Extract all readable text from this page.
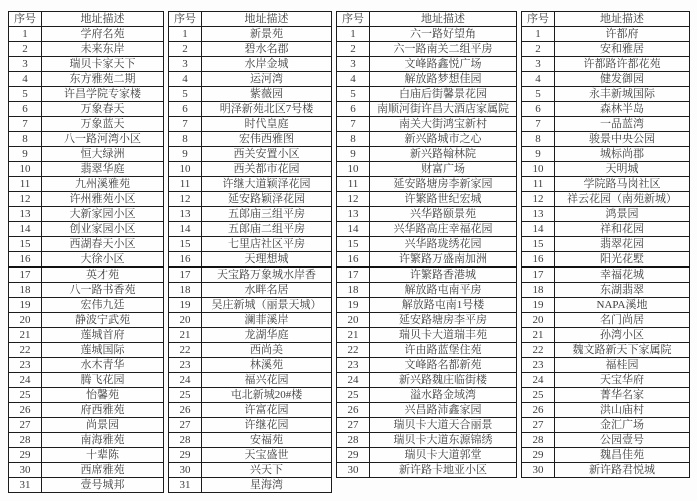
序号	地址描述
1	学府名苑
2	未来东岸
3	瑞贝卡家天下
4	东方雅苑二期
5	许昌学院专家楼
6	万象春天
7	万象蓝天
8	八一路河湾小区
9	恒大绿洲
10	翡翠华庭
11	九州溪雅苑
12	许州雅苑小区
13	大新家园小区
14	创业家园小区
15	西湖春天小区
16	大徐小区
17	英才苑
18	八一路书香苑
19	宏伟九廷
20	静波宁武苑
21	莲城首府
22	莲城国际
23	水木青华
24	腾飞花园
25	怡馨苑
26	府西雅苑
27	尚景园
28	南海雅苑
29	十辈陈
30	西席雅苑
31	壹号城邦
序号	地址描述
1	新景苑
2	碧水名郡
3	水岸金城
4	运河湾
5	紫薇园
6	明泽新苑北区7号楼
7	时代皇庭
8	宏伟西雅图
9	西关安置小区
10	西关都市花园
11	许继大道颖泽花园
12	延安路颖泽花园
13	五郎庙三组平房
14	五郎庙二组平房
15	七里店社区平房
16	天理想城
17	天宝路万象城水岸香
18	水畔名居
19	吴庄新城（丽景天城）
20	澜菲溪岸
21	龙湖华庭
22	西尚美
23	林溪苑
24	福兴花园
25	屯北新城20#楼
26	许富花园
27	许继花园
28	安福苑
29	天宝盛世
30	兴天下
31	星海湾
序号	地址描述
1	六一路好望角
2	六一路南关二组平房
3	文峰路鑫悦广场
4	解放路梦想佳园
5	白庙后街馨景花园
6	南顺河街许昌大酒店家属院
7	南关大街鸿宝新村
8	新兴路城市之心
9	新兴路翰林院
10	财富广场
11	延安路塘房李新家园
12	许繁路世纪宏城
13	兴华路颐景苑
14	兴华路高庄幸福花园
15	兴华路珑绣花园
16	许繁路万盛南加洲
17	许繁路香港城
18	解放路屯南平房
19	解放路屯南1号楼
20	延安路塘房李平房
21	瑞贝卡大道瑞丰苑
22	许由路蓝堡住苑
23	文峰路名都新苑
24	新兴路魏庄临街楼
25	溢水路金域湾
26	兴昌路沛鑫家园
27	瑞贝卡大道天合丽景
28	瑞贝卡大道东源锦绣
29	瑞贝卡大道郭堂
30	新许路卡地亚小区
序号	地址描述
1	许都府
2	安和雅居
3	许都路许都花苑
4	健发御园
5	永丰新城国际
6	森林半岛
7	一品蓝湾
8	骏景中央公园
9	城标尚郡
10	天明城
11	学院路马岗社区
12	祥云花园（南苑新城）
13	鸿景园
14	祥和花园
15	翡翠花园
16	阳光花墅
17	幸福花城
18	东湖翡翠
19	NAPA溪地
20	名门尚居
21	孙湾小区
22	魏文路新天下家属院
23	福桂园
24	天宝华府
25	菁华名家
26	洪山庙村
27	金汇广场
28	公园壹号
29	魏昌佳苑
30	新许路君悦城
